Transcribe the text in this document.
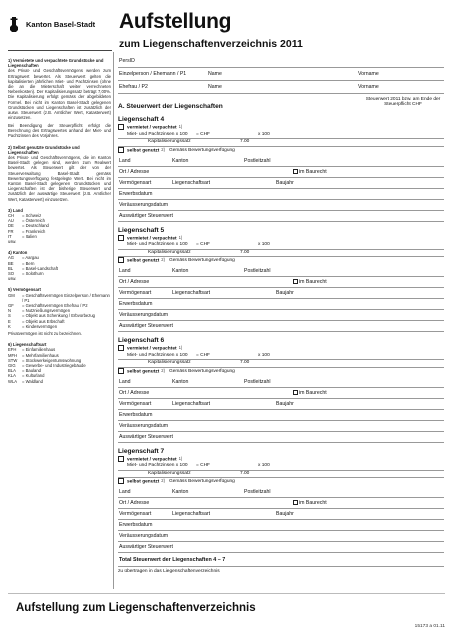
Kanton Basel-Stadt Aufstellung
zum Liegenschaftenverzeichnis 2011
1) Vermietete und verpachtete Grundstücke und Liegenschaften

des Privat- und Geschäftsvermögens werden zum Ertragswert bewertet. Als Steuerwert gelten die kapitalisierten jährlichen Miet- und Pachtzinsen (ohne die an die Mieterschaft weiter verrechneten Nebenkosten). Der Kapitalisierungssatz beträgt 7,00%. Die Kapitalisierung erfolgt gemäss der abgebildeten Formel. Bei nicht im Kanton Basel-Stadt gelegenen Grundstücken und Liegenschaften ist zusätzlich der ausw. Steuerwert (z.B. Amtlicher Wert, Katasterwert) einzusetzen.

Bei Beendigung der Steuerpflicht erfolgt die Berechnung des Ertragswertes anhand der Miet- und Pachtzinsen des Vorjahres.

2) Selbst genutzte Grundstücke und Liegenschaften

des Privat- und Geschäftsvermögens, die im Kanton Basel-Stadt gelegen sind, werden zum Realwert bewertet. Als Steuerwert gilt der von der Steuerverwaltung Basel-Stadt gemäss Bewertungsverfügung festgelegte Wert. Bei nicht im Kanton Basel-Stadt gelegenen Grundstücken und Liegenschaften ist der bisherige Steuerwert und zusätzlich der auswärtige Steuerwert (z.B. Amtlicher Wert, Katasterwert) einzusetzen.

3) Land
CH	= Schweiz
AU	= Österreich
DE	= Deutschland
FR	= Frankreich
IT	= Italien
usw.
4) Kanton
AG	= Aargau
BE	= Bern
BL	= Basel-Landschaft
SO	= Solothurn
usw.
5) Vermögensart
GM	= Geschäftsvermögen Einzelperson / Ehemann / P1
GF	= Geschäftsvermögen Ehefrau / P2
N	= Nutznießungsvermögen
S	= Objekt aus Schenkung / Erbvorbezug
E	= Objekt aus Erbschaft
K	= Kindesvermögen

Privatvermögen ist nicht zu bezeichnen.

6) Liegenschaftsart
EFH	= Einfamilienhaus
MFH	= Mehrfamilienhaus
STW	= Stockwerkeigentumswohnung
GIG	= Gewerbe- und Industriegebäude
BLA	= Bauland
KLA	= Kulturland
WLA	= Waldland
PersID
Einzelperson / Ehemann / P1	Name	Vorname
Ehefrau / P2	Name	Vorname
A. Steuerwert der Liegenschaften
Steuerwert 2011 bzw. am Ende der Steuerpflicht CHF
Liegenschaft 4
vermietet / verpachtet 1)
Miet- und Pachtzinsen x 100 = CHF	x 100
Kapitalisierungssatz	7.00
selbst genutzt 2) Gemäss Bewertungsverfügung
Land	Kanton	Postleitzahl
Ort / Adresse	im Baurecht
Vermögensart	Liegenschaftsart	Baujahr
Erwerbsdatum
Veräusserungsdatum
Auswärtiger Steuerwert
Liegenschaft 5
vermietet / verpachtet 1)
Miet- und Pachtzinsen x 100 = CHF	x 100
Kapitalisierungssatz	7.00
selbst genutzt 2) Gemäss Bewertungsverfügung
Land	Kanton	Postleitzahl
Ort / Adresse	im Baurecht
Vermögensart	Liegenschaftsart	Baujahr
Erwerbsdatum
Veräusserungsdatum
Auswärtiger Steuerwert
Liegenschaft 6
vermietet / verpachtet 1)
Miet- und Pachtzinsen x 100 = CHF	x 100
Kapitalisierungssatz	7.00
selbst genutzt 2) Gemäss Bewertungsverfügung
Land	Kanton	Postleitzahl
Ort / Adresse	im Baurecht
Vermögensart	Liegenschaftsart	Baujahr
Erwerbsdatum
Veräusserungsdatum
Auswärtiger Steuerwert
Liegenschaft 7
vermietet / verpachtet 1)
Miet- und Pachtzinsen x 100 = CHF	x 100
Kapitalisierungssatz	7.00
selbst genutzt 2) Gemäss Bewertungsverfügung
Land	Kanton	Postleitzahl
Ort / Adresse	im Baurecht
Vermögensart	Liegenschaftsart	Baujahr
Erwerbsdatum
Veräusserungsdatum
Auswärtiger Steuerwert
Total Steuerwert der Liegenschaften 4 – 7
zu übertragen in das Liegenschaftenverzeichnis
Aufstellung zum Liegenschaftenverzeichnis
15173 a 01.11
